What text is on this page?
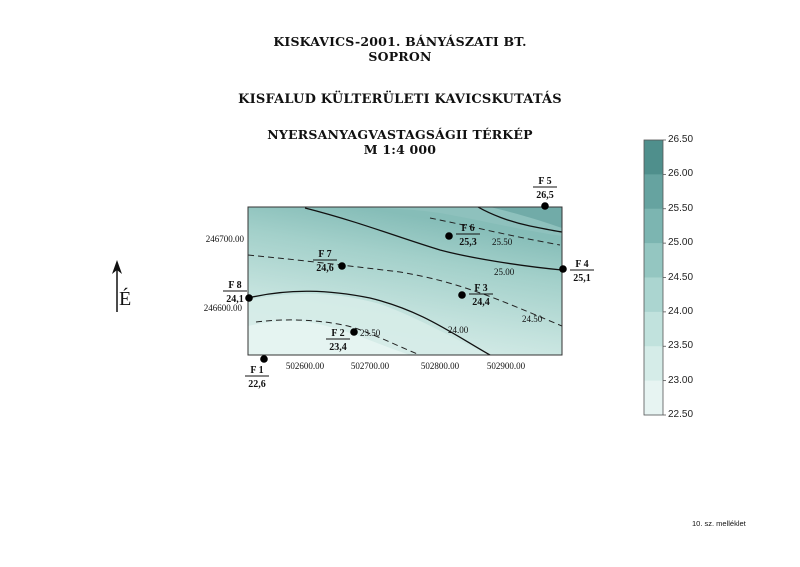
KISKAVICS-2001. BÁNYÁSZATI BT.
SOPRON
KISFALUD KÜLTERÜLETI KAVICSKUTATÁS
NYERSANYAGVASTAGSÁGII TÉRKÉP
M 1:4 000
502600.00	502700.00	502800.00	502900.00
246700.00
246600.00
23.50	24.00
24.50
25.00
25.50
F 1
22,6
F 2
23,4
F 3
24,4
F 4
25,1
F 5
26,5
F 6
25,3
F 7
24,6
F 8
24,1
É
26.50
26.00
25.50
25.00
24.50
24.00
23.50
23.00
22.50
10. sz. melléklet
